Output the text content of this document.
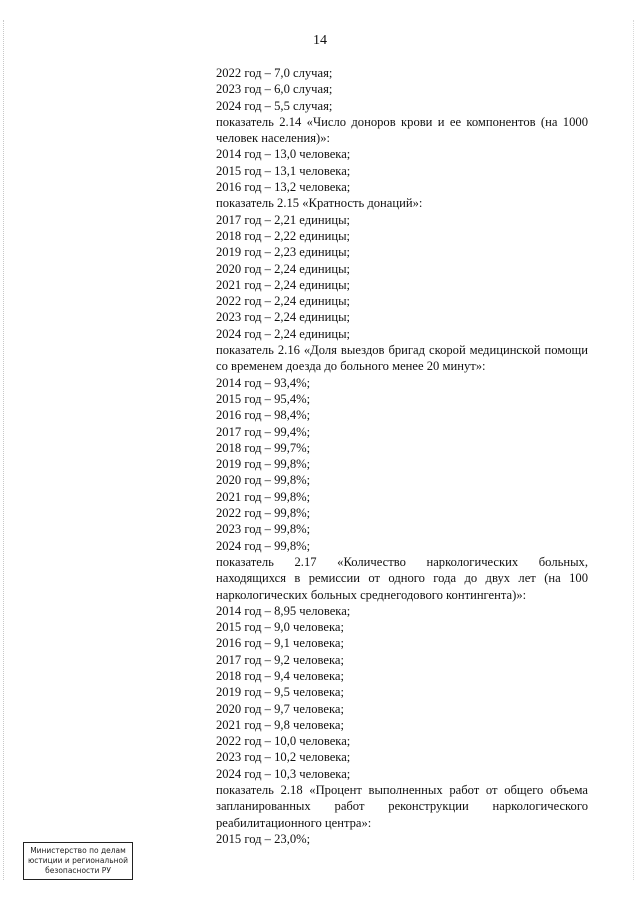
14
2022 год – 7,0 случая;
2023 год – 6,0 случая;
2024 год – 5,5 случая;
показатель 2.14 «Число доноров крови и ее компонентов (на 1000 человек населения)»:
2014 год – 13,0 человека;
2015 год – 13,1 человека;
2016 год – 13,2 человека;
показатель 2.15 «Кратность донаций»:
2017 год – 2,21 единицы;
2018 год – 2,22 единицы;
2019 год – 2,23 единицы;
2020 год – 2,24 единицы;
2021 год – 2,24 единицы;
2022 год – 2,24 единицы;
2023 год – 2,24 единицы;
2024 год – 2,24 единицы;
показатель 2.16 «Доля выездов бригад скорой медицинской помощи со временем доезда до больного менее 20 минут»:
2014 год – 93,4%;
2015 год – 95,4%;
2016 год – 98,4%;
2017 год – 99,4%;
2018 год – 99,7%;
2019 год – 99,8%;
2020 год – 99,8%;
2021 год – 99,8%;
2022 год – 99,8%;
2023 год – 99,8%;
2024 год – 99,8%;
показатель 2.17 «Количество наркологических больных, находящихся в ремиссии от одного года до двух лет (на 100 наркологических больных среднегодового контингента)»:
2014 год – 8,95 человека;
2015 год – 9,0 человека;
2016 год – 9,1 человека;
2017 год – 9,2 человека;
2018 год – 9,4 человека;
2019 год – 9,5 человека;
2020 год – 9,7 человека;
2021 год – 9,8 человека;
2022 год – 10,0 человека;
2023 год – 10,2 человека;
2024 год – 10,3 человека;
показатель 2.18 «Процент выполненных работ от общего объема запланированных работ реконструкции наркологического реабилитационного центра»:
2015 год – 23,0%;
Министерство по делам
юстиции и региональной
безопасности РУ
